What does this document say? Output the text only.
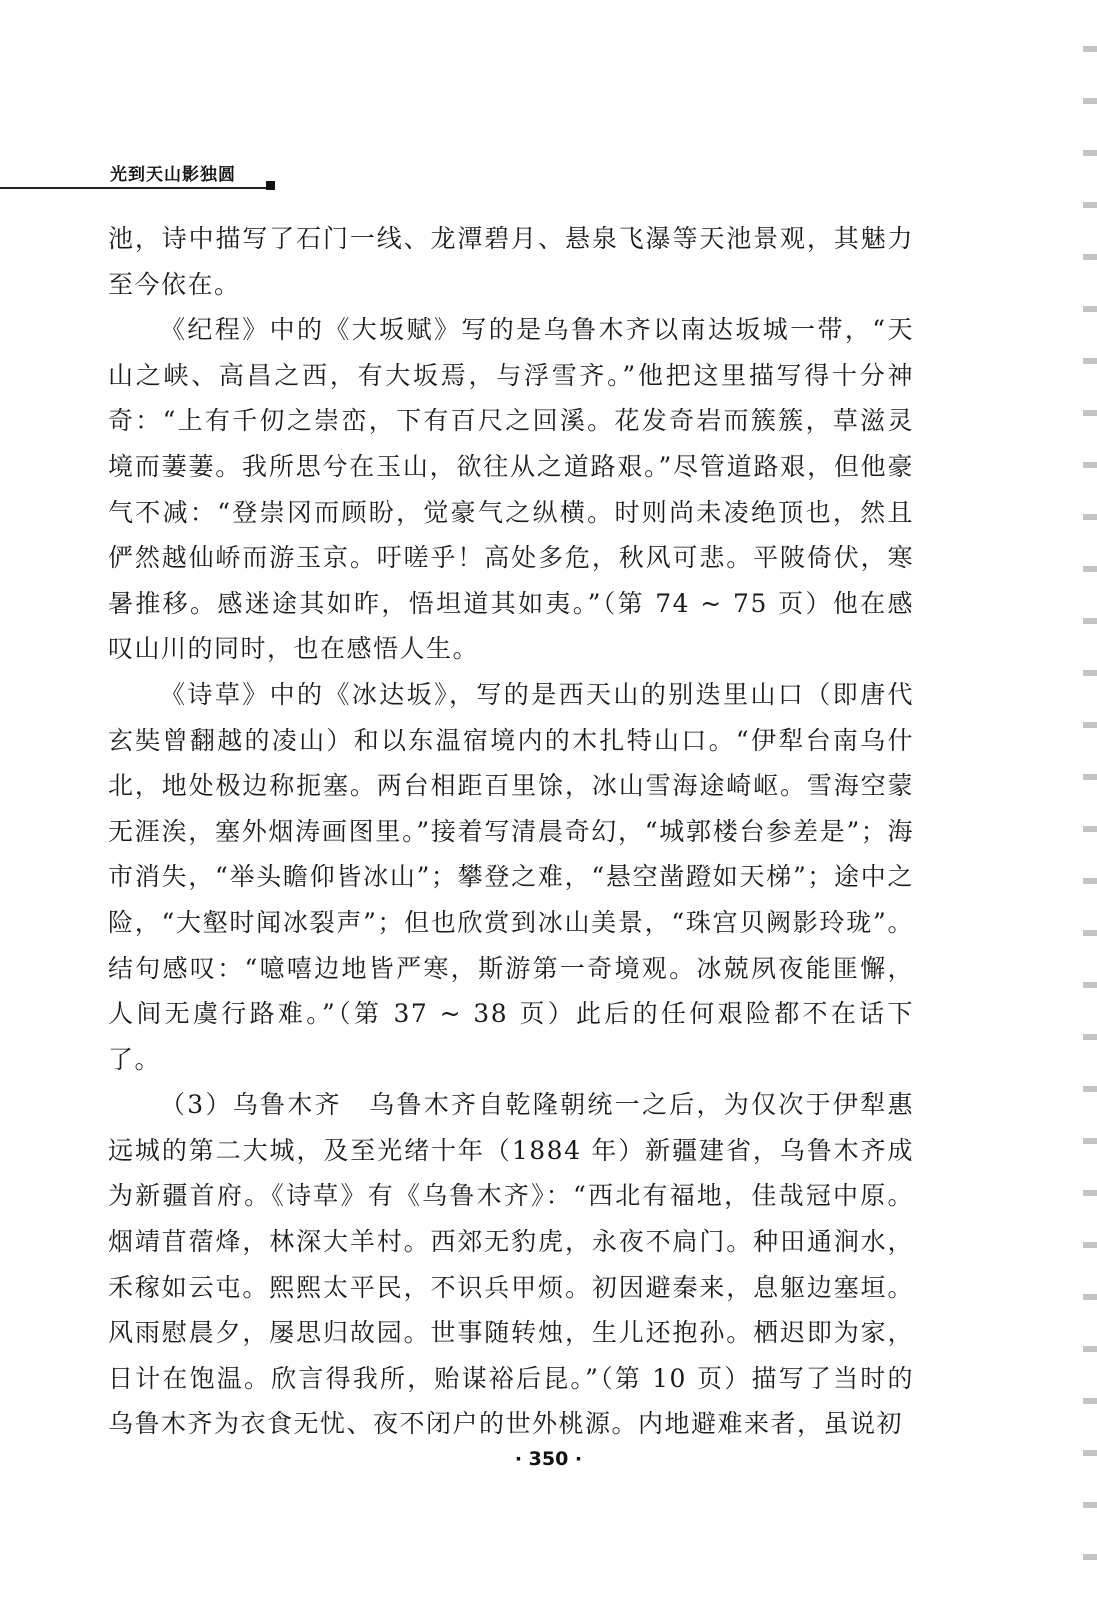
光到天山影独圆

池，诗中描写了石门一线、龙潭碧月、悬泉飞瀑等天池景观，其魅力至今依在。

《纪程》中的《大坂赋》写的是乌鲁木齐以南达坂城一带，“天山之峡、高昌之西，有大坂焉，与浮雪齐。”他把这里描写得十分神奇：“上有千仞之崇峦，下有百尺之回溪。花发奇岩而簇簇，草滋灵境而萋萋。我所思兮在玉山，欲往从之道路艰。”尽管道路艰，但他豪气不减：“登崇冈而顾盼，觉豪气之纵横。时则尚未凌绝顶也，然且俨然越仙峤而游玉京。吁嗟乎！高处多危，秋风可悲。平陂倚伏，寒暑推移。感迷途其如昨，悟坦道其如夷。”（第 74 ~ 75 页）他在感叹山川的同时，也在感悟人生。

《诗草》中的《冰达坂》，写的是西天山的别迭里山口（即唐代玄奘曾翻越的凌山）和以东温宿境内的木扎特山口。“伊犁台南乌什北，地处极边称扼塞。两台相距百里馀，冰山雪海途崎岖。雪海空蒙无涯涘，塞外烟涛画图里。”接着写清晨奇幻，“城郭楼台参差是”；海市消失，“举头瞻仰皆冰山”；攀登之难，“悬空凿蹬如天梯”；途中之险，“大壑时闻冰裂声”；但也欣赏到冰山美景，“珠宫贝阙影玲珑”。结句感叹：“噫嘻边地皆严寒，斯游第一奇境观。冰兢夙夜能匪懈，人间无虞行路难。”（第 37 ~ 38 页）此后的任何艰险都不在话下了。

（3）乌鲁木齐　乌鲁木齐自乾隆朝统一之后，为仅次于伊犁惠远城的第二大城，及至光绪十年（1884 年）新疆建省，乌鲁木齐成为新疆首府。《诗草》有《乌鲁木齐》：“西北有福地，佳哉冠中原。烟靖苜蓿烽，林深大羊村。西郊无豹虎，永夜不扃门。种田通涧水，禾稼如云屯。熙熙太平民，不识兵甲烦。初因避秦来，息躯边塞垣。风雨慰晨夕，屡思归故园。世事随转烛，生儿还抱孙。栖迟即为家，日计在饱温。欣言得我所，贻谋裕后昆。”（第 10 页）描写了当时的乌鲁木齐为衣食无忧、夜不闭户的世外桃源。内地避难来者，虽说初

· 350 ·
